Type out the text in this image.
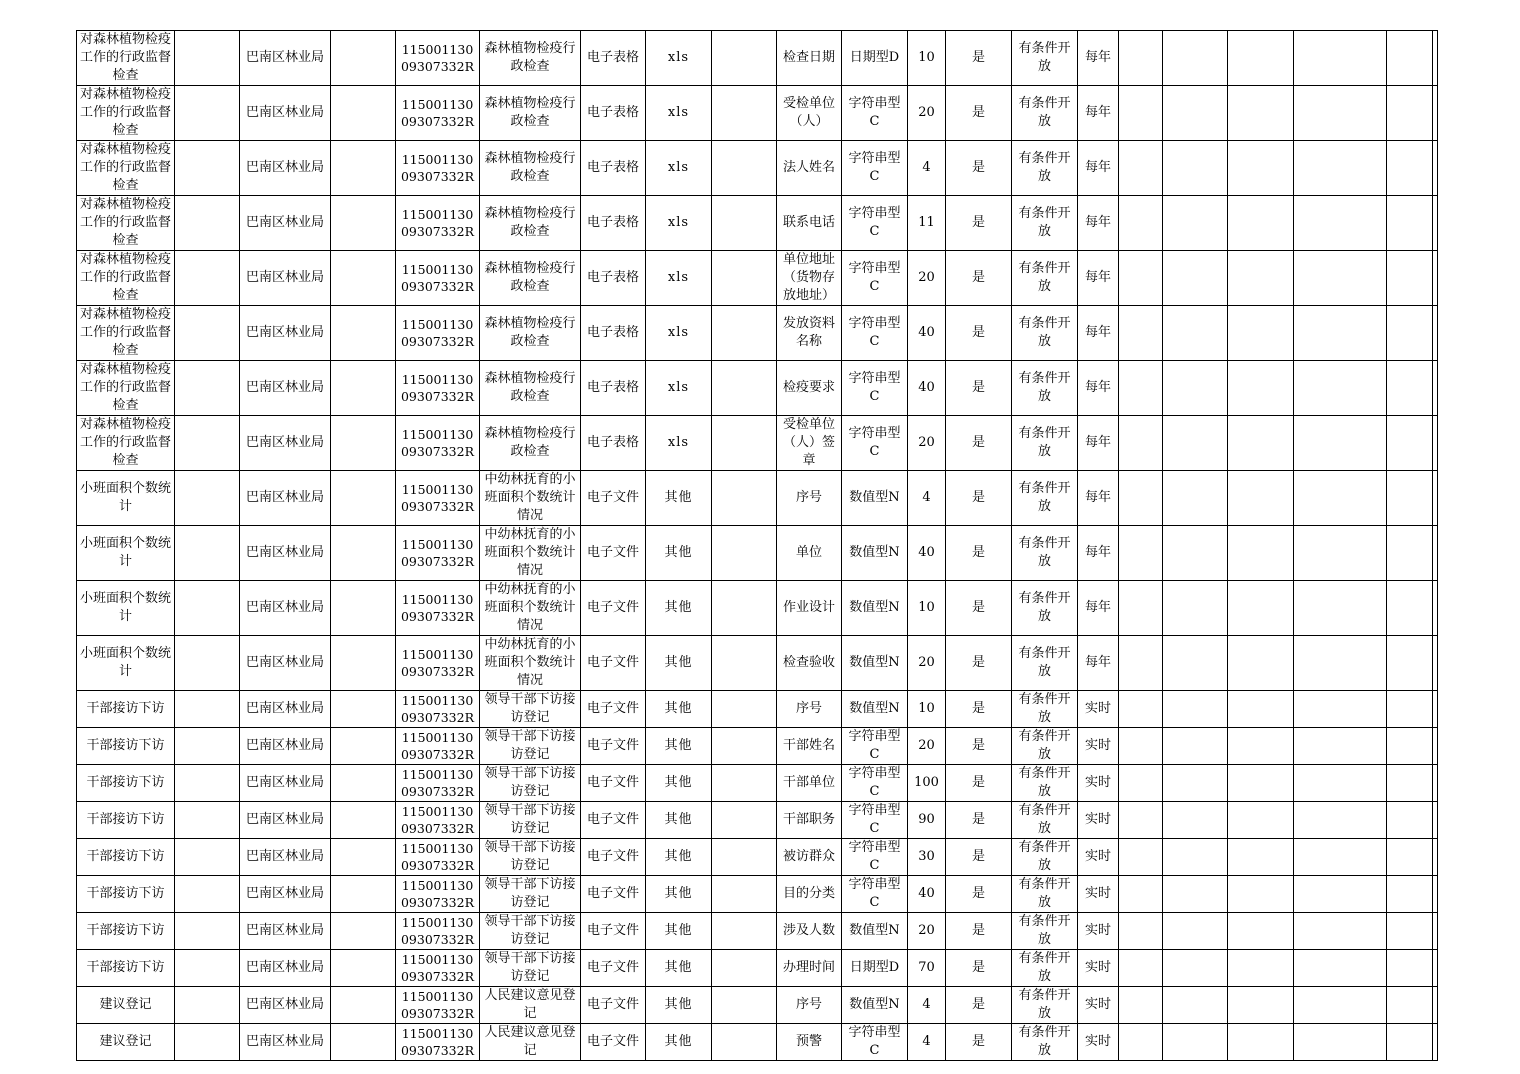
对森林植物检疫工作的行政监督检查		巴南区林业局		11500113009307332R	森林植物检疫行政检查	电子表格	xls		检查日期	日期型D	10	是	有条件开放	每年						
对森林植物检疫工作的行政监督检查		巴南区林业局		11500113009307332R	森林植物检疫行政检查	电子表格	xls		受检单位（人）	字符串型C	20	是	有条件开放	每年						
对森林植物检疫工作的行政监督检查		巴南区林业局		11500113009307332R	森林植物检疫行政检查	电子表格	xls		法人姓名	字符串型C	4	是	有条件开放	每年						
对森林植物检疫工作的行政监督检查		巴南区林业局		11500113009307332R	森林植物检疫行政检查	电子表格	xls		联系电话	字符串型C	11	是	有条件开放	每年						
对森林植物检疫工作的行政监督检查		巴南区林业局		11500113009307332R	森林植物检疫行政检查	电子表格	xls		单位地址（货物存放地址）	字符串型C	20	是	有条件开放	每年						
对森林植物检疫工作的行政监督检查		巴南区林业局		11500113009307332R	森林植物检疫行政检查	电子表格	xls		发放资料名称	字符串型C	40	是	有条件开放	每年						
对森林植物检疫工作的行政监督检查		巴南区林业局		11500113009307332R	森林植物检疫行政检查	电子表格	xls		检疫要求	字符串型C	40	是	有条件开放	每年						
对森林植物检疫工作的行政监督检查		巴南区林业局		11500113009307332R	森林植物检疫行政检查	电子表格	xls		受检单位（人）签章	字符串型C	20	是	有条件开放	每年						
小班面积个数统计		巴南区林业局		11500113009307332R	中幼林抚育的小班面积个数统计情况	电子文件	其他		序号	数值型N	4	是	有条件开放	每年						
小班面积个数统计		巴南区林业局		11500113009307332R	中幼林抚育的小班面积个数统计情况	电子文件	其他		单位	数值型N	40	是	有条件开放	每年						
小班面积个数统计		巴南区林业局		11500113009307332R	中幼林抚育的小班面积个数统计情况	电子文件	其他		作业设计	数值型N	10	是	有条件开放	每年						
小班面积个数统计		巴南区林业局		11500113009307332R	中幼林抚育的小班面积个数统计情况	电子文件	其他		检查验收	数值型N	20	是	有条件开放	每年						
干部接访下访		巴南区林业局		11500113009307332R	领导干部下访接访登记	电子文件	其他		序号	数值型N	10	是	有条件开放	实时						
干部接访下访		巴南区林业局		11500113009307332R	领导干部下访接访登记	电子文件	其他		干部姓名	字符串型C	20	是	有条件开放	实时						
干部接访下访		巴南区林业局		11500113009307332R	领导干部下访接访登记	电子文件	其他		干部单位	字符串型C	100	是	有条件开放	实时						
干部接访下访		巴南区林业局		11500113009307332R	领导干部下访接访登记	电子文件	其他		干部职务	字符串型C	90	是	有条件开放	实时						
干部接访下访		巴南区林业局		11500113009307332R	领导干部下访接访登记	电子文件	其他		被访群众	字符串型C	30	是	有条件开放	实时						
干部接访下访		巴南区林业局		11500113009307332R	领导干部下访接访登记	电子文件	其他		目的分类	字符串型C	40	是	有条件开放	实时						
干部接访下访		巴南区林业局		11500113009307332R	领导干部下访接访登记	电子文件	其他		涉及人数	数值型N	20	是	有条件开放	实时						
干部接访下访		巴南区林业局		11500113009307332R	领导干部下访接访登记	电子文件	其他		办理时间	日期型D	70	是	有条件开放	实时						
建议登记		巴南区林业局		11500113009307332R	人民建议意见登记	电子文件	其他		序号	数值型N	4	是	有条件开放	实时						
建议登记		巴南区林业局		11500113009307332R	人民建议意见登记	电子文件	其他		预警	字符串型C	4	是	有条件开放	实时						
